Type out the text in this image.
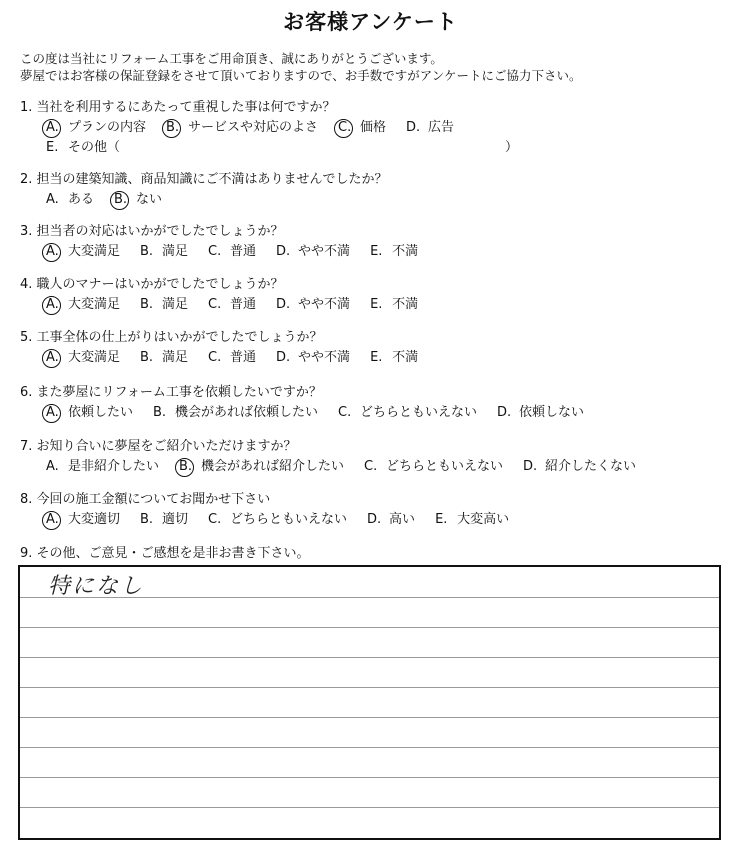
お客様アンケート
この度は当社にリフォーム工事をご用命頂き、誠にありがとうございます。
夢屋ではお客様の保証登録をさせて頂いておりますので、お手数ですがアンケートにご協力下さい。
1. 当社を利用するにあたって重視した事は何ですか？
A. プランの内容 B. サービスや対応のよさ C. 価格 D. 広告
E. その他（	）
2. 担当の建築知識、商品知識にご不満はありませんでしたか？
A. ある B. ない
3. 担当者の対応はいかがでしたでしょうか？
A. 大変満足 B. 満足 C. 普通 D. やや不満 E. 不満
4. 職人のマナーはいかがでしたでしょうか？
A. 大変満足 B. 満足 C. 普通 D. やや不満 E. 不満
5. 工事全体の仕上がりはいかがでしたでしょうか？
A. 大変満足 B. 満足 C. 普通 D. やや不満 E. 不満
6. また夢屋にリフォーム工事を依頼したいですか？
A. 依頼したい B. 機会があれば依頼したい C. どちらともいえない D. 依頼しない
7. お知り合いに夢屋をご紹介いただけますか？
A. 是非紹介したい B. 機会があれば紹介したい C. どちらともいえない D. 紹介したくない
8. 今回の施工金額についてお聞かせ下さい
A. 大変適切 B. 適切 C. どちらともいえない D. 高い E. 大変高い
9. その他、ご意見・ご感想を是非お書き下さい。
特になし
